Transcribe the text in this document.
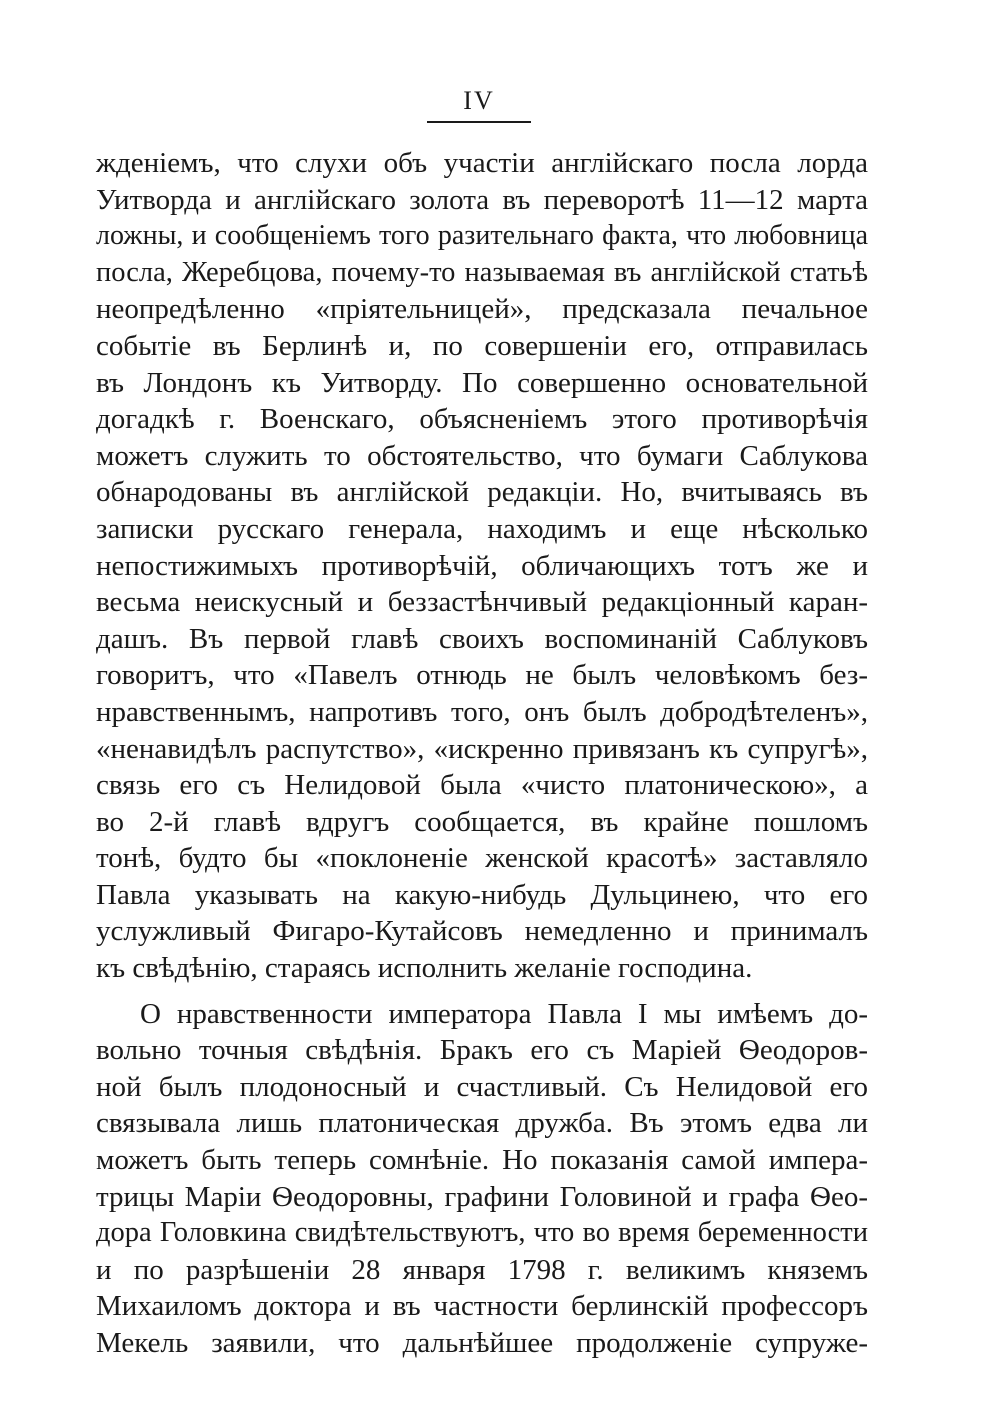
IV
жденіемъ, что слухи объ участіи англійскаго посла лорда
Уитворда и англійскаго золота въ переворотѣ 11—12 марта
ложны, и сообщеніемъ того разительнаго факта, что любовница
посла, Жеребцова, почему-то называемая въ англійской статьѣ
неопредѣленно «пріятельницей», предсказала печальное
событіе въ Берлинѣ и, по совершеніи его, отправилась
въ Лондонъ къ Уитворду. По совершенно основательной
догадкѣ г. Военскаго, объясненіемъ этого противорѣчія
можетъ служить то обстоятельство, что бумаги Саблукова
обнародованы въ англійской редакціи. Но, вчитываясь въ
записки русскаго генерала, находимъ и еще нѣсколько
непостижимыхъ противорѣчій, обличающихъ тотъ же и
весьма неискусный и беззастѣнчивый редакціонный каран-
дашъ. Въ первой главѣ своихъ воспоминаній Саблуковъ
говоритъ, что «Павелъ отнюдь не былъ человѣкомъ без-
нравственнымъ, напротивъ того, онъ былъ добродѣтеленъ»,
«ненавидѣлъ распутство», «искренно привязанъ къ супругѣ»,
связь его съ Нелидовой была «чисто платоническою», а
во 2-й главѣ вдругъ сообщается, въ крайне пошломъ
тонѣ, будто бы «поклоненіе женской красотѣ» заставляло
Павла указывать на какую-нибудь Дульцинею, что его
услужливый Фигаро-Кутайсовъ немедленно и принималъ
къ свѣдѣнію, стараясь исполнить желаніе господина.
О нравственности императора Павла I мы имѣемъ до-
вольно точныя свѣдѣнія. Бракъ его съ Маріей Ѳеодоров-
ной былъ плодоносный и счастливый. Съ Нелидовой его
связывала лишь платоническая дружба. Въ этомъ едва ли
можетъ быть теперь сомнѣніе. Но показанія самой импера-
трицы Маріи Ѳеодоровны, графини Головиной и графа Ѳео-
дора Головкина свидѣтельствуютъ, что во время беременности
и по разрѣшеніи 28 января 1798 г. великимъ княземъ
Михаиломъ доктора и въ частности берлинскій профессоръ
Мекель заявили, что дальнѣйшее продолженіе супруже-
